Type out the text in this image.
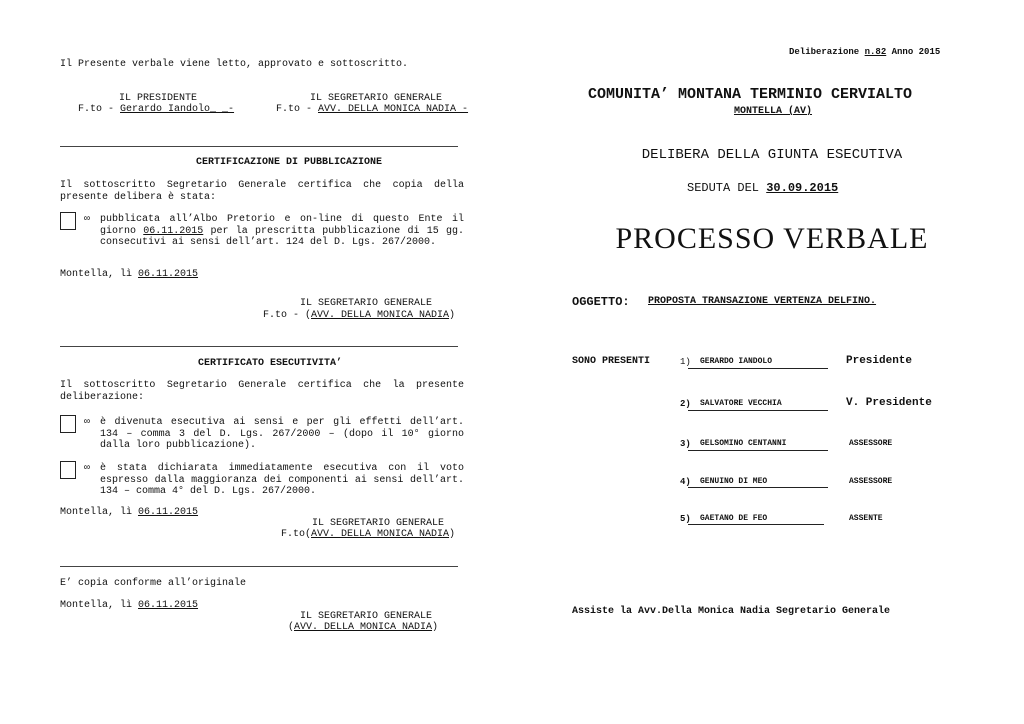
Il Presente verbale viene letto, approvato e sottoscritto.
IL PRESIDENTE
F.to - Gerardo Iandolo_ _-
IL SEGRETARIO GENERALE
F.to - AVV. DELLA MONICA NADIA -
CERTIFICAZIONE DI PUBBLICAZIONE
Il sottoscritto Segretario Generale certifica che copia della presente delibera è stata:
∞ pubblicata all’Albo Pretorio e on-line di questo Ente il giorno 06.11.2015 per la prescritta pubblicazione di 15 gg. consecutivi ai sensi dell’art. 124 del D. Lgs. 267/2000.
Montella, lì 06.11.2015
IL SEGRETARIO GENERALE
F.to - (AVV. DELLA MONICA NADIA)
CERTIFICATO ESECUTIVITA’
Il sottoscritto Segretario Generale certifica che la presente deliberazione:
∞ è divenuta esecutiva ai sensi e per gli effetti dell’art. 134 – comma 3 del D. Lgs. 267/2000 – (dopo il 10° giorno dalla loro pubblicazione).
∞ è stata dichiarata immediatamente esecutiva con il voto espresso dalla maggioranza dei componenti ai sensi dell’art. 134 – comma 4° del D. Lgs. 267/2000.
Montella, lì 06.11.2015
IL SEGRETARIO GENERALE
F.to(AVV. DELLA MONICA NADIA)
E’ copia conforme all’originale
Montella, lì 06.11.2015
IL SEGRETARIO GENERALE
(AVV. DELLA MONICA NADIA)
Deliberazione n.82 Anno 2015
COMUNITA’ MONTANA TERMINIO CERVIALTO
MONTELLA (AV)
DELIBERA DELLA GIUNTA ESECUTIVA
SEDUTA DEL 30.09.2015
PROCESSO VERBALE
OGGETTO: PROPOSTA TRANSAZIONE VERTENZA DELFINO.
SONO PRESENTI	1) GERARDO IANDOLO	Presidente
2) SALVATORE VECCHIA	V. Presidente
3) GELSOMINO CENTANNI	ASSESSORE
4) GENUINO DI MEO	ASSESSORE
5) GAETANO DE FEO	ASSENTE
Assiste la Avv.Della Monica Nadia Segretario Generale
